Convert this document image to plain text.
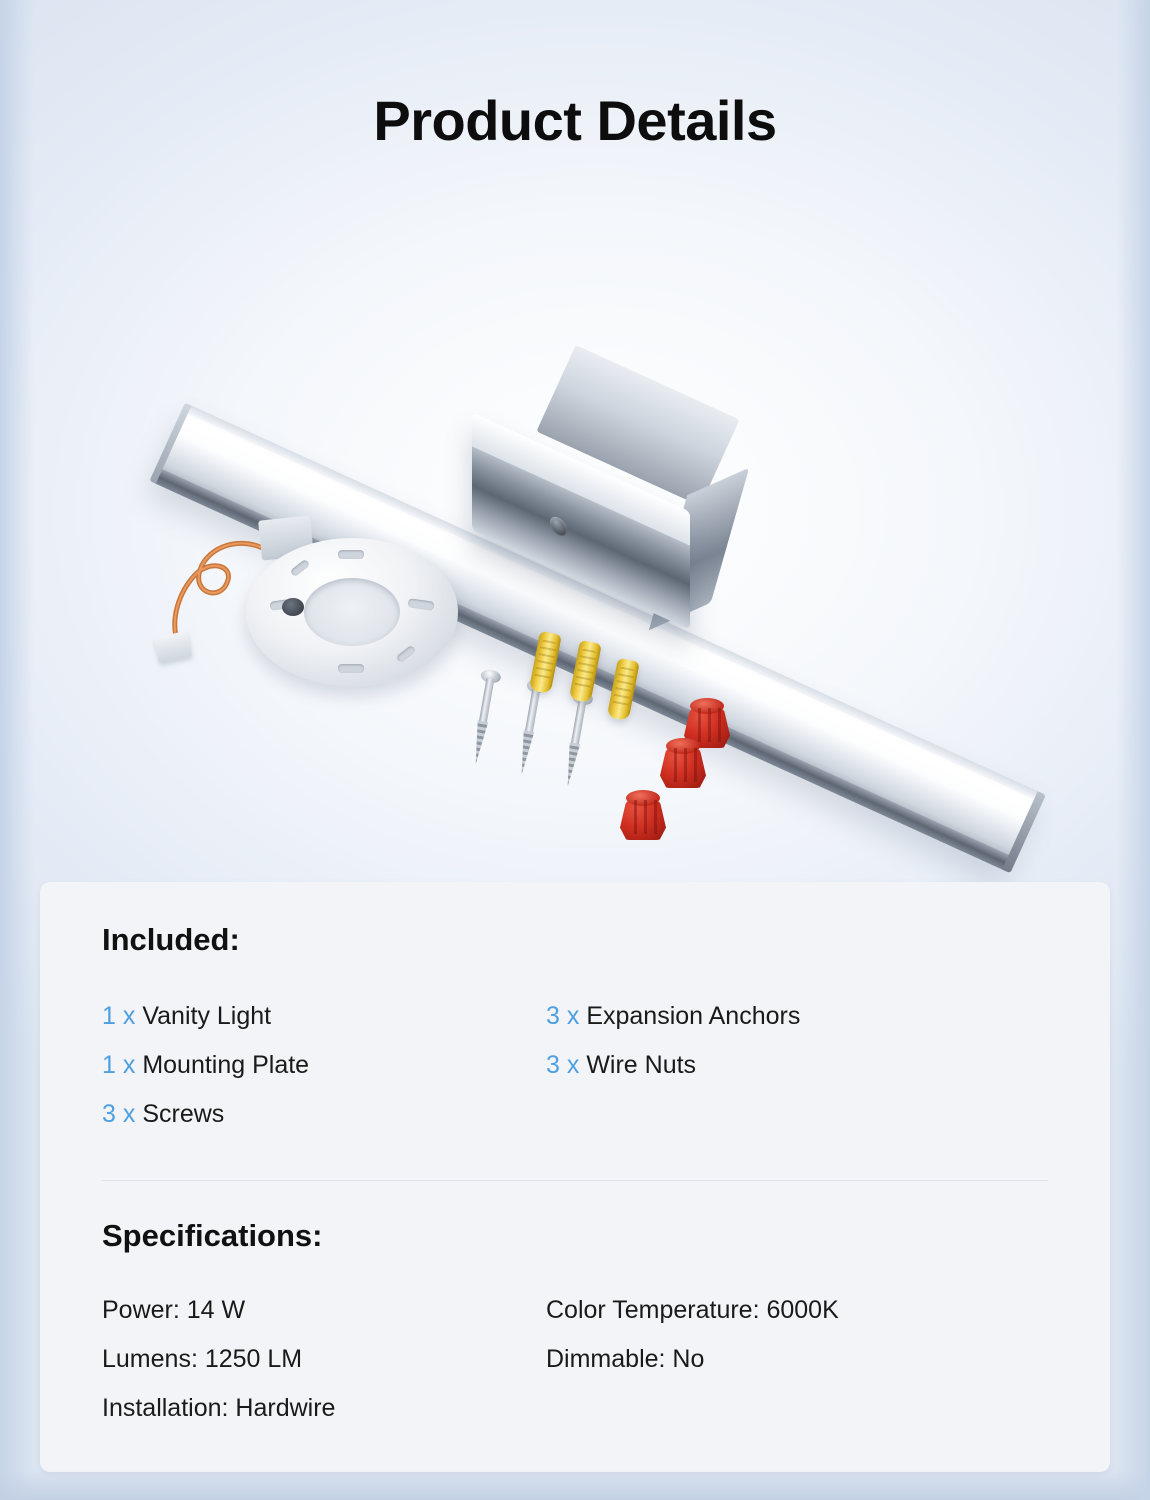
Product Details
Included:
1 x Vanity Light
1 x Mounting Plate
3 x Screws
3 x Expansion Anchors
3 x Wire Nuts
Specifications:
Power: 14 W
Lumens: 1250 LM
Installation: Hardwire
Color Temperature: 6000K
Dimmable: No
